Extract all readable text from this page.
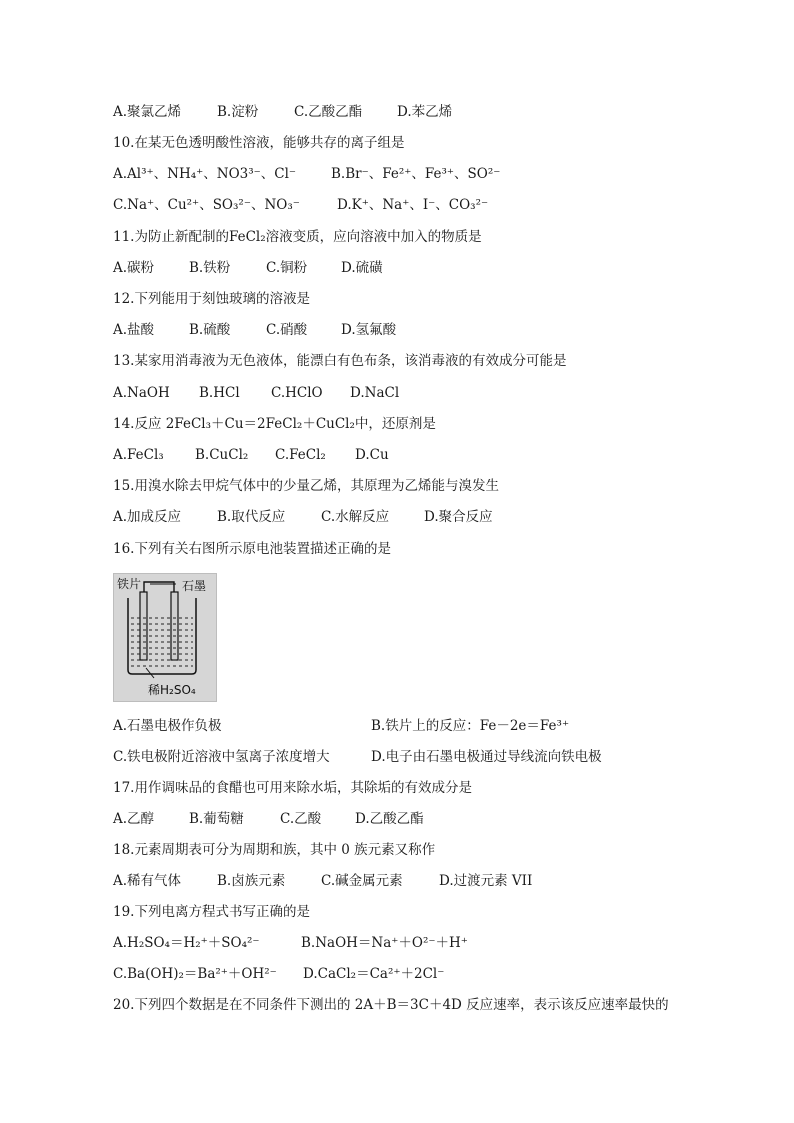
A.聚氯乙烯	B.淀粉	C.乙酸乙酯	D.苯乙烯
10.在某无色透明酸性溶液，能够共存的离子组是
A.Al³⁺、NH₄⁺、NO3³⁻、Cl⁻	B.Br⁻、Fe²⁺、Fe³⁺、SO²⁻
C.Na⁺、Cu²⁺、SO₃²⁻、NO₃⁻	D.K⁺、Na⁺、I⁻、CO₃²⁻
11.为防止新配制的FeCl₂溶液变质，应向溶液中加入的物质是
A.碳粉	B.铁粉	C.铜粉	D.硫磺
12.下列能用于刻蚀玻璃的溶液是
A.盐酸	B.硫酸	C.硝酸	D.氢氟酸
13.某家用消毒液为无色液体，能漂白有色布条，该消毒液的有效成分可能是
A.NaOH B.HCl C.HClO D.NaCl
14.反应 2FeCl₃＋Cu＝2FeCl₂＋CuCl₂中，还原剂是
A.FeCl₃ B.CuCl₂ C.FeCl₂ D.Cu
15.用溴水除去甲烷气体中的少量乙烯，其原理为乙烯能与溴发生
A.加成反应	B.取代反应	C.水解反应	D.聚合反应
16.下列有关右图所示原电池装置描述正确的是
铁片	石墨
稀H₂SO₄
A.石墨电极作负极	B.铁片上的反应：Fe－2e＝Fe³⁺
C.铁电极附近溶液中氢离子浓度增大	D.电子由石墨电极通过导线流向铁电极
17.用作调味品的食醋也可用来除水垢，其除垢的有效成分是
A.乙醇	B.葡萄糖	C.乙酸	D.乙酸乙酯
18.元素周期表可分为周期和族，其中 0 族元素又称作
A.稀有气体	B.卤族元素	C.碱金属元素	D.过渡元素 VII
19.下列电离方程式书写正确的是
A.H₂SO₄＝H₂⁺＋SO₄²⁻	B.NaOH＝Na⁺＋O²⁻＋H⁺
C.Ba(OH)₂＝Ba²⁺＋OH²⁻ D.CaCl₂＝Ca²⁺＋2Cl⁻
20.下列四个数据是在不同条件下测出的 2A＋B＝3C＋4D 反应速率，表示该反应速率最快的
